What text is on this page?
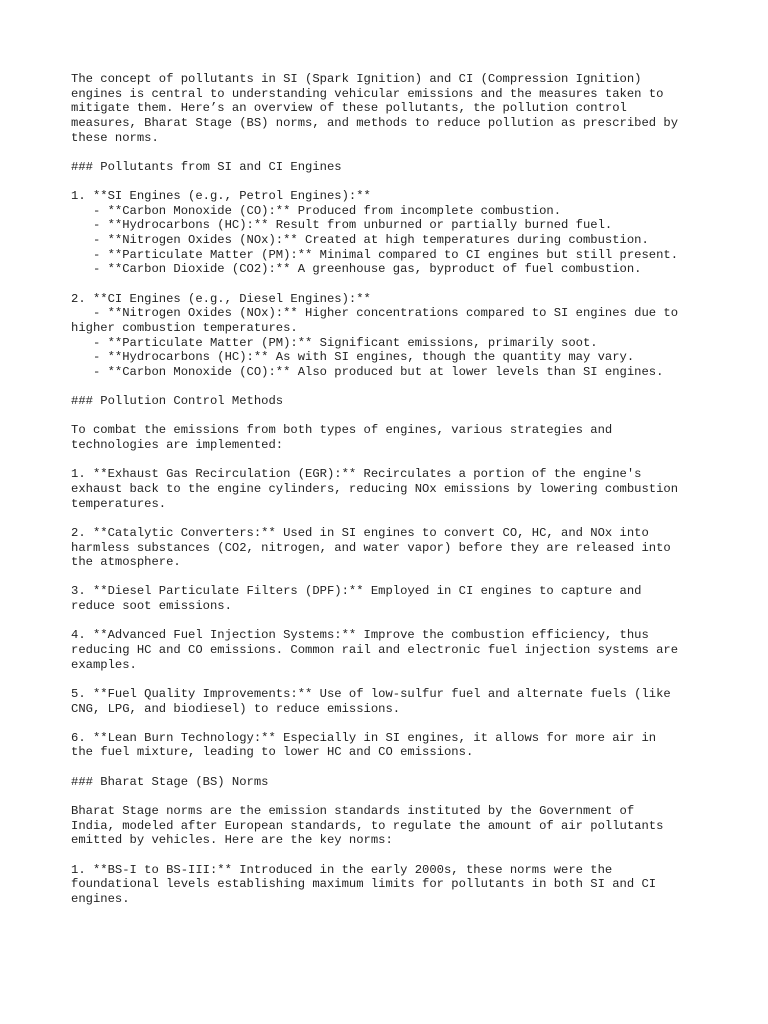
The concept of pollutants in SI (Spark Ignition) and CI (Compression Ignition)
engines is central to understanding vehicular emissions and the measures taken to
mitigate them. Here’s an overview of these pollutants, the pollution control
measures, Bharat Stage (BS) norms, and methods to reduce pollution as prescribed by
these norms.
### Pollutants from SI and CI Engines
1. **SI Engines (e.g., Petrol Engines):**
- **Carbon Monoxide (CO):** Produced from incomplete combustion.
- **Hydrocarbons (HC):** Result from unburned or partially burned fuel.
- **Nitrogen Oxides (NOx):** Created at high temperatures during combustion.
- **Particulate Matter (PM):** Minimal compared to CI engines but still present.
- **Carbon Dioxide (CO2):** A greenhouse gas, byproduct of fuel combustion.
2. **CI Engines (e.g., Diesel Engines):**
- **Nitrogen Oxides (NOx):** Higher concentrations compared to SI engines due to
higher combustion temperatures.
- **Particulate Matter (PM):** Significant emissions, primarily soot.
- **Hydrocarbons (HC):** As with SI engines, though the quantity may vary.
- **Carbon Monoxide (CO):** Also produced but at lower levels than SI engines.
### Pollution Control Methods
To combat the emissions from both types of engines, various strategies and
technologies are implemented:
1. **Exhaust Gas Recirculation (EGR):** Recirculates a portion of the engine's
exhaust back to the engine cylinders, reducing NOx emissions by lowering combustion
temperatures.
2. **Catalytic Converters:** Used in SI engines to convert CO, HC, and NOx into
harmless substances (CO2, nitrogen, and water vapor) before they are released into
the atmosphere.
3. **Diesel Particulate Filters (DPF):** Employed in CI engines to capture and
reduce soot emissions.
4. **Advanced Fuel Injection Systems:** Improve the combustion efficiency, thus
reducing HC and CO emissions. Common rail and electronic fuel injection systems are
examples.
5. **Fuel Quality Improvements:** Use of low-sulfur fuel and alternate fuels (like
CNG, LPG, and biodiesel) to reduce emissions.
6. **Lean Burn Technology:** Especially in SI engines, it allows for more air in
the fuel mixture, leading to lower HC and CO emissions.
### Bharat Stage (BS) Norms
Bharat Stage norms are the emission standards instituted by the Government of
India, modeled after European standards, to regulate the amount of air pollutants
emitted by vehicles. Here are the key norms:
1. **BS-I to BS-III:** Introduced in the early 2000s, these norms were the
foundational levels establishing maximum limits for pollutants in both SI and CI
engines.
